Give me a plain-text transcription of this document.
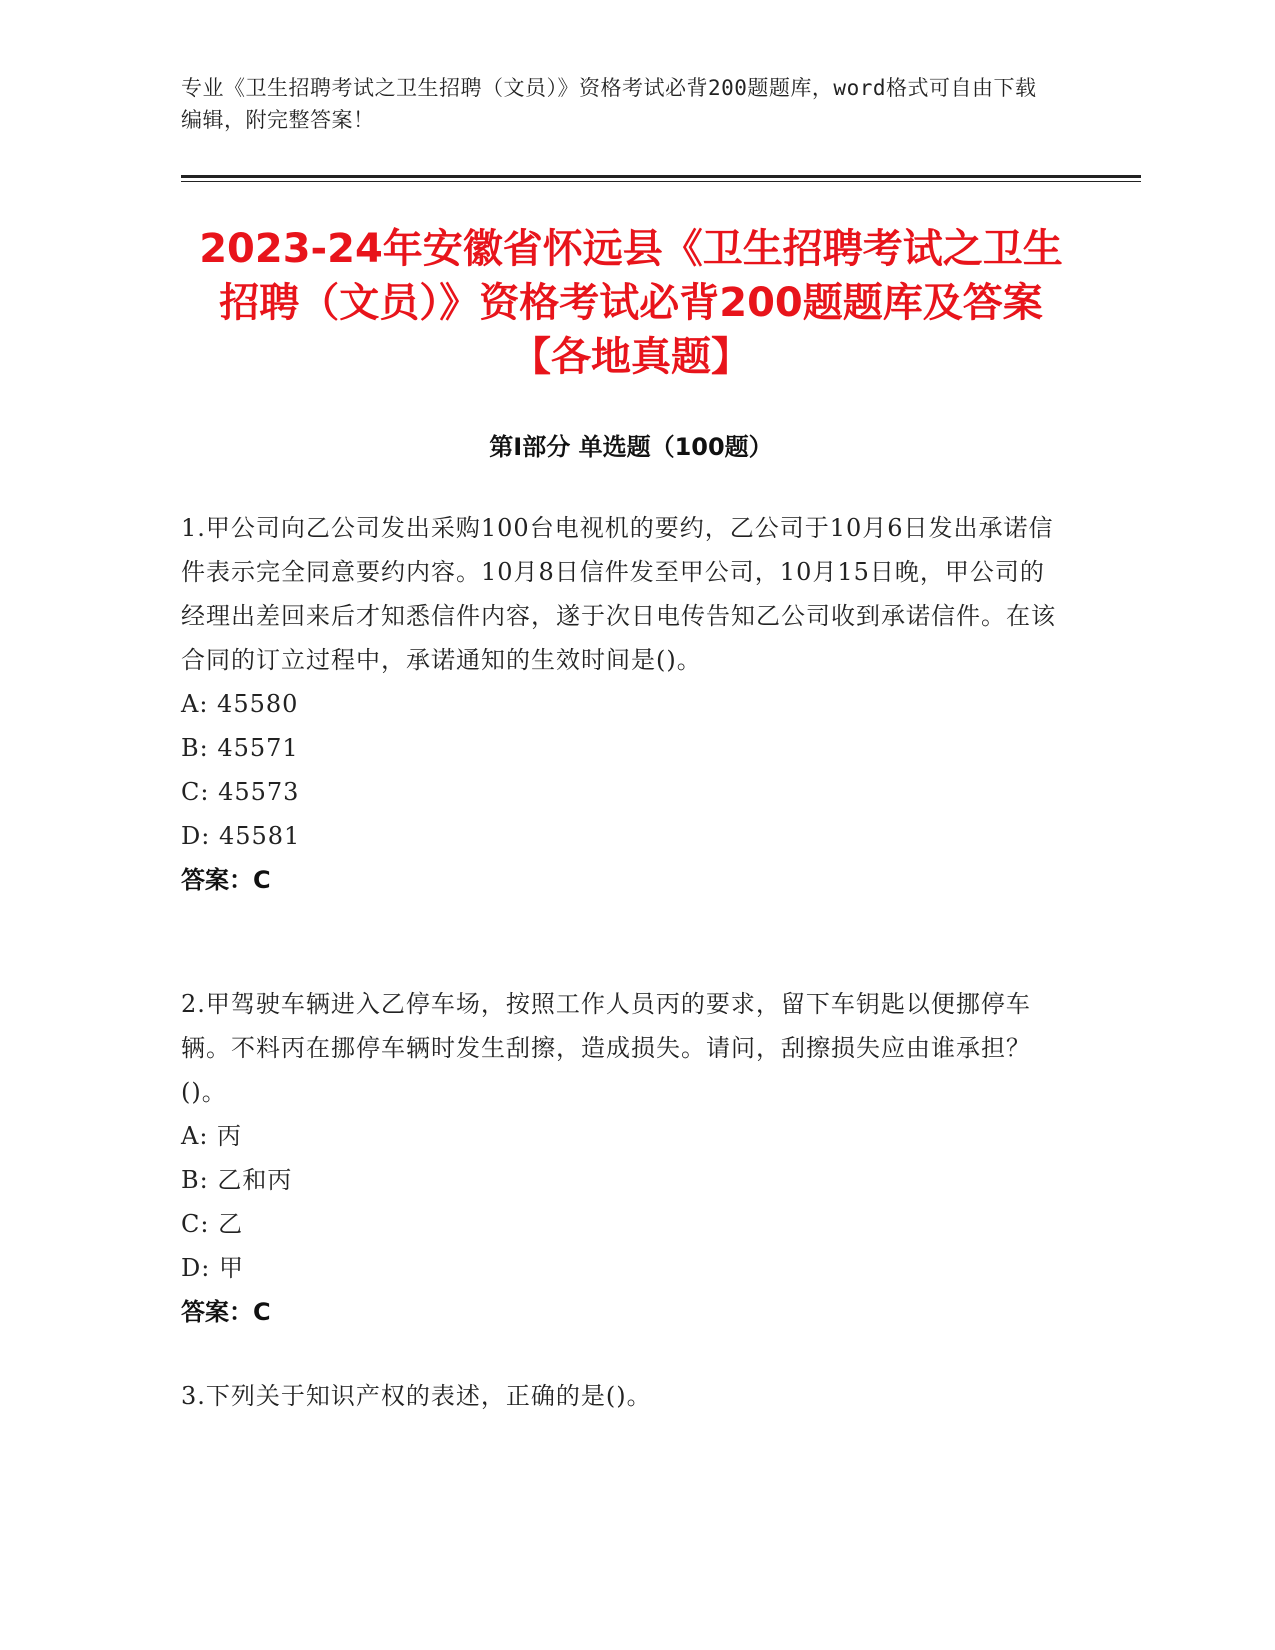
专业《卫生招聘考试之卫生招聘（文员）》资格考试必背200题题库，word格式可自由下载编辑，附完整答案！
2023-24年安徽省怀远县《卫生招聘考试之卫生招聘（文员）》资格考试必背200题题库及答案【各地真题】
第Ⅰ部分 单选题（100题）
1.甲公司向乙公司发出采购100台电视机的要约，乙公司于10月6日发出承诺信件表示完全同意要约内容。10月8日信件发至甲公司，10月15日晚，甲公司的经理出差回来后才知悉信件内容，遂于次日电传告知乙公司收到承诺信件。在该合同的订立过程中，承诺通知的生效时间是()。
A: 45580
B: 45571
C: 45573
D: 45581
答案：C
2.甲驾驶车辆进入乙停车场，按照工作人员丙的要求，留下车钥匙以便挪停车辆。不料丙在挪停车辆时发生刮擦，造成损失。请问，刮擦损失应由谁承担？()。
A: 丙
B: 乙和丙
C: 乙
D: 甲
答案：C
3.下列关于知识产权的表述，正确的是()。
